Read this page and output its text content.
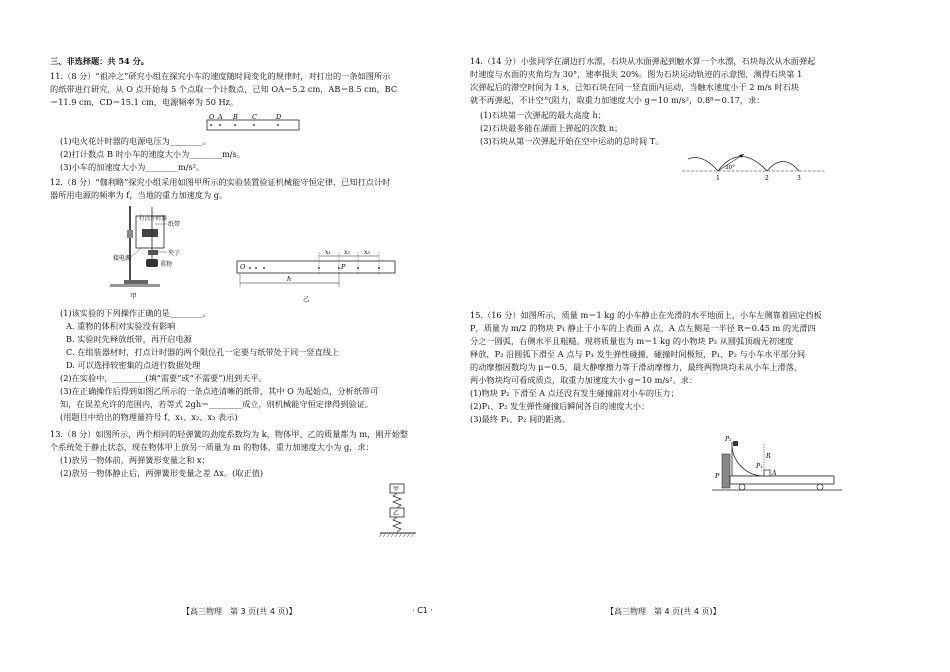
三、非选择题：共 54 分。
11.（8 分）“祖冲之”研究小组在探究小车的速度随时间变化的规律时，对打出的一条如图所示
的纸带进行研究，从 O 点开始每 5 个点取一个计数点，已知 OA＝5.2 cm，AB＝8.5 cm，BC
＝11.9 cm，CD＝15.1 cm，电源频率为 50 Hz。
O A B C	D
(1)电火花计时器的电源电压为________。
(2)打计数点 B 时小车的速度大小为________m/s。
(3)小车的加速度大小为________m/s²。
12.（8 分）“伽利略”探究小组采用如图甲所示的实验装置验证机械能守恒定律，已知打点计时
器所用电源的频率为 f，当地的重力加速度为 g。
打点计时器
纸带
夹子
接电源
重物
甲
x₁ x₂ x₃
O	P
h
乙
(1)该实验的下列操作正确的是________。
A. 重物的体积对实验没有影响
B. 实验时先释放纸带，再开启电源
C. 在组装器材时，打点计时器的两个限位孔一定要与纸带处于同一竖直线上
D. 可以选择较密集的点进行数据处理
(2)在实验中，________(填“需要”或“不需要”)用到天平。
(3)在正确操作后得到如图乙所示的一条点迹清晰的纸带，其中 O 为起始点，分析纸带可
知，在误差允许的范围内，若等式 2gh＝________成立，则机械能守恒定律得到验证。
(用题目中给出的物理量符号 f、x₁、x₂、x₃ 表示)
13.（8 分）如图所示，两个相同的轻弹簧的劲度系数均为 k，物体甲、乙的质量都为 m，刚开始整
个系统处于静止状态，现在物体甲上放另一质量为 m 的物体，重力加速度大小为 g，求：
(1)放另一物体前，两弹簧形变量之和 x；
(2)放另一物体静止后，两弹簧形变量之差 Δx。(取正值)
甲
乙
【高三物理　第 3 页(共 4 页)】	· C1 ·
14.（14 分）小张同学在湖边打水漂，石块从水面弹起到触水算一个水漂，石块每次从水面弹起
时速度与水面的夹角均为 30°，速率损失 20%。图为石块运动轨迹的示意图，测得石块第 1
次弹起后的滞空时间为 1 s，已知石块在同一竖直面内运动，当触水速度小于 2 m/s 时石块
就不再弹起，不计空气阻力，取重力加速度大小 g＝10 m/s²，0.8⁸＝0.17，求：
(1)石块第一次弹起的最大高度 h；
(2)石块最多能在湖面上弹起的次数 n；
(3)石块从第一次弹起开始在空中运动的总时间 T。
30°
1	2	3
15.（16 分）如图所示，质量 m＝1 kg 的小车静止在光滑的水平地面上，小车左侧靠着固定挡板
P，质量为 m/2 的物块 P₁ 静止于小车的上表面 A 点，A 点左侧是一半径 R＝0.45 m 的光滑四
分之一圆弧，右侧水平且粗糙。现将质量也为 m＝1 kg 的小物块 P₂ 从圆弧顶端无初速度
释放，P₂ 沿圆弧下滑至 A 点与 P₁ 发生弹性碰撞，碰撞时间极短，P₁、P₂ 与小车水平部分间
的动摩擦因数均为 μ＝0.5，最大静摩擦力等于滑动摩擦力，最终两物块均未从小车上滑落，
两小物块均可看成质点，取重力加速度大小 g＝10 m/s²。求：
(1)物块 P₂ 下滑至 A 点还没有发生碰撞前对小车的压力；
(2)P₁、P₂ 发生弹性碰撞后瞬间各自的速度大小；
(3)最终 P₁、P₂ 间的距离。
P
P₂
R
P₁
A
【高三物理　第 4 页(共 4 页)】
